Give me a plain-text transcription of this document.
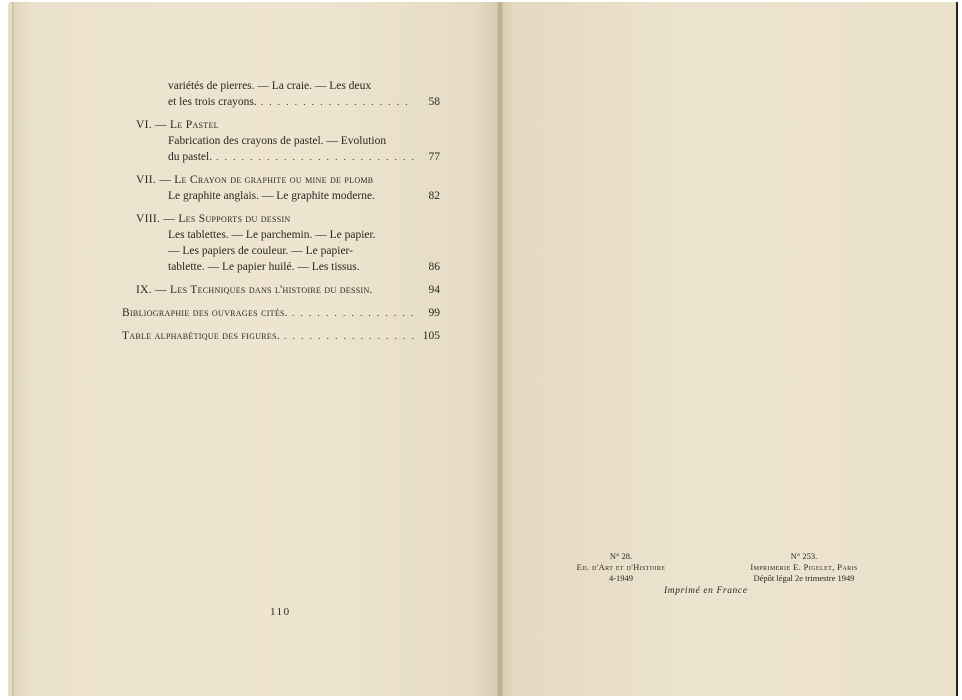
variétés de pierres. — La craie. — Les deux
et les trois crayons. . . .	58
VI. — Le Pastel
Fabrication des crayons de pastel. — Evolution
du pastel. . . .	77
VII. — Le Crayon de graphite ou mine de plomb
Le graphite anglais. — Le graphite moderne.	82
VIII. — Les Supports du dessin
Les tablettes. — Le parchemin. — Le papier.
— Les papiers de couleur. — Le papier-
tablette. — Le papier huilé. — Les tissus.	86
IX. — Les Techniques dans l'histoire du dessin.	94
Bibliographie des ouvrages cités. . . .	99
Table alphabétique des figures. . . .	105
110
N° 28.
Ed. d'Art et d'Histoire
4-1949
N° 253.
Imprimerie E. Pigelet, Paris
Dépôt légal 2e trimestre 1949
Imprimé en France
